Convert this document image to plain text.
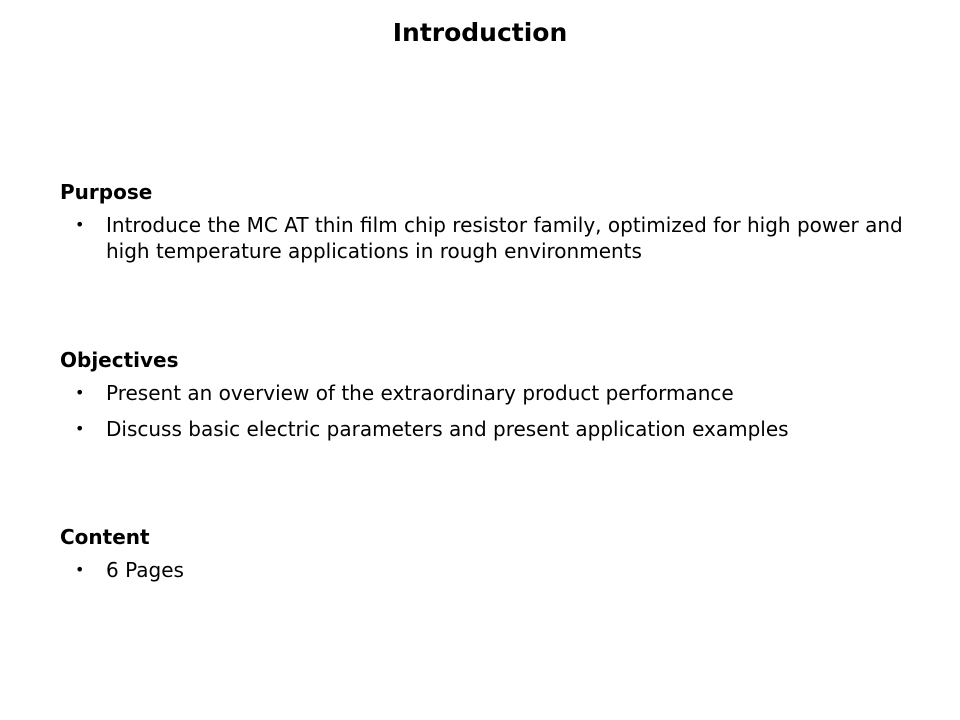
Introduction
Purpose
• Introduce the MC AT thin film chip resistor family, optimized for high power and high temperature applications in rough environments
Objectives
• Present an overview of the extraordinary product performance
• Discuss basic electric parameters and present application examples
Content
• 6 Pages
